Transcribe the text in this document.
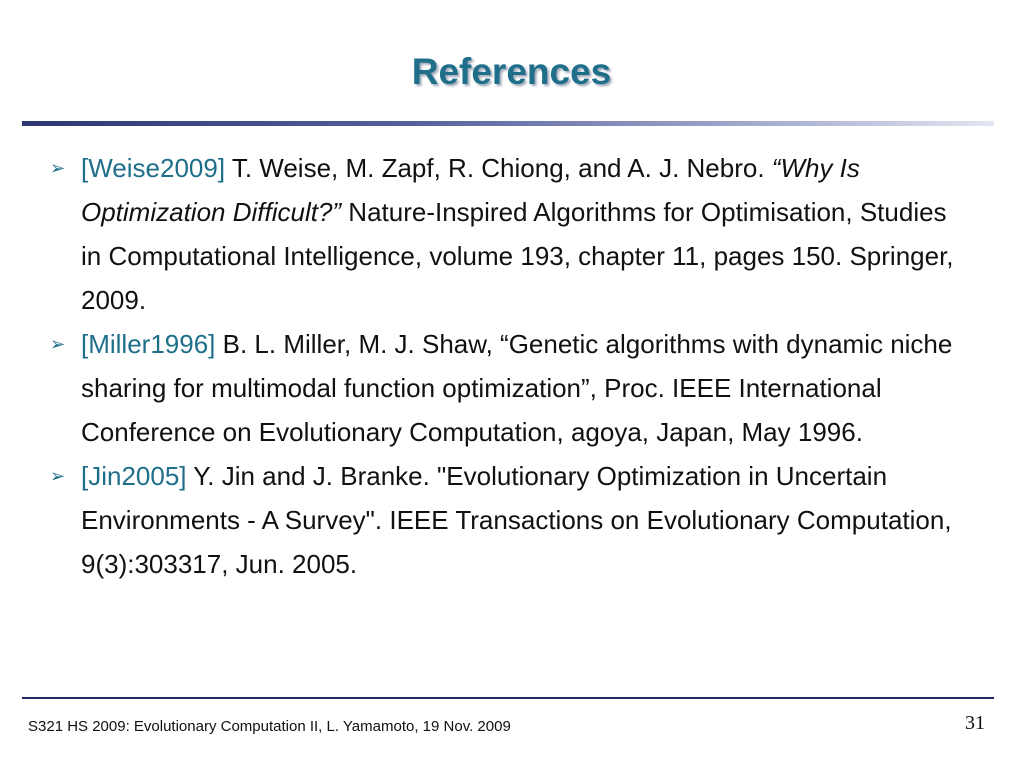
References
➢ [Weise2009] T. Weise, M. Zapf, R. Chiong, and A. J. Nebro. “Why Is Optimization Difficult?” Nature-Inspired Algorithms for Optimisation, Studies in Computational Intelligence, volume 193, chapter 11, pages 150. Springer, 2009.
➢ [Miller1996] B. L. Miller, M. J. Shaw, “Genetic algorithms with dynamic niche sharing for multimodal function optimization”, Proc. IEEE International Conference on Evolutionary Computation, agoya, Japan, May 1996.
➢ [Jin2005] Y. Jin and J. Branke. "Evolutionary Optimization in Uncertain Environments - A Survey". IEEE Transactions on Evolutionary Computation, 9(3):303317, Jun. 2005.
S321 HS 2009: Evolutionary Computation II, L. Yamamoto, 19 Nov. 2009	31
